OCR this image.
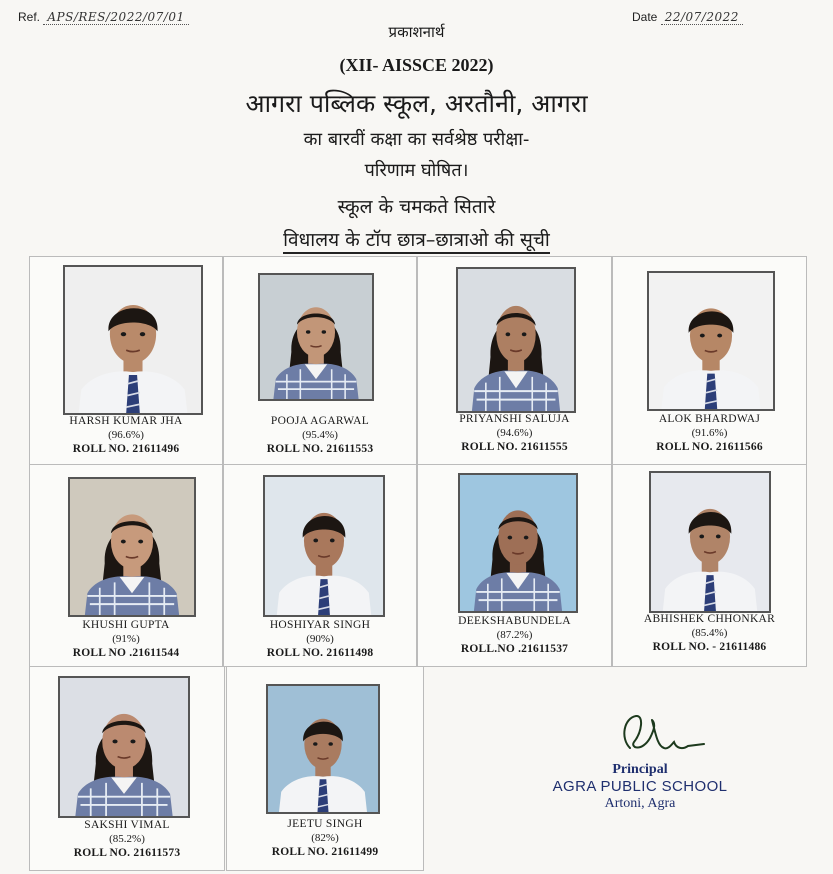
Ref. APS/RES/2022/07/01	Date 22/07/2022
प्रकाशनार्थ
(XII- AISSCE 2022)
आगरा पब्लिक स्कूल, अरतौनी, आगरा
का बारवीं कक्षा का सर्वश्रेष्ठ परीक्षा-
परिणाम घोषित।
स्कूल के चमकते सितारे
विधालय के टॉप छात्र–छात्राओ की सूची
HARSH KUMAR JHA
(96.6%)
ROLL NO. 21611496
POOJA AGARWAL
(95.4%)
ROLL NO. 21611553
PRIYANSHI SALUJA
(94.6%)
ROLL NO. 21611555
ALOK BHARDWAJ
(91.6%)
ROLL NO. 21611566
KHUSHI GUPTA
(91%)
ROLL NO .21611544
HOSHIYAR SINGH
(90%)
ROLL NO. 21611498
DEEKSHABUNDELA
(87.2%)
ROLL.NO .21611537
ABHISHEK CHHONKAR
(85.4%)
ROLL NO. - 21611486
SAKSHI VIMAL
(85.2%)
ROLL NO. 21611573
JEETU SINGH
(82%)
ROLL NO. 21611499
Principal
AGRA PUBLIC SCHOOL
Artoni, Agra
